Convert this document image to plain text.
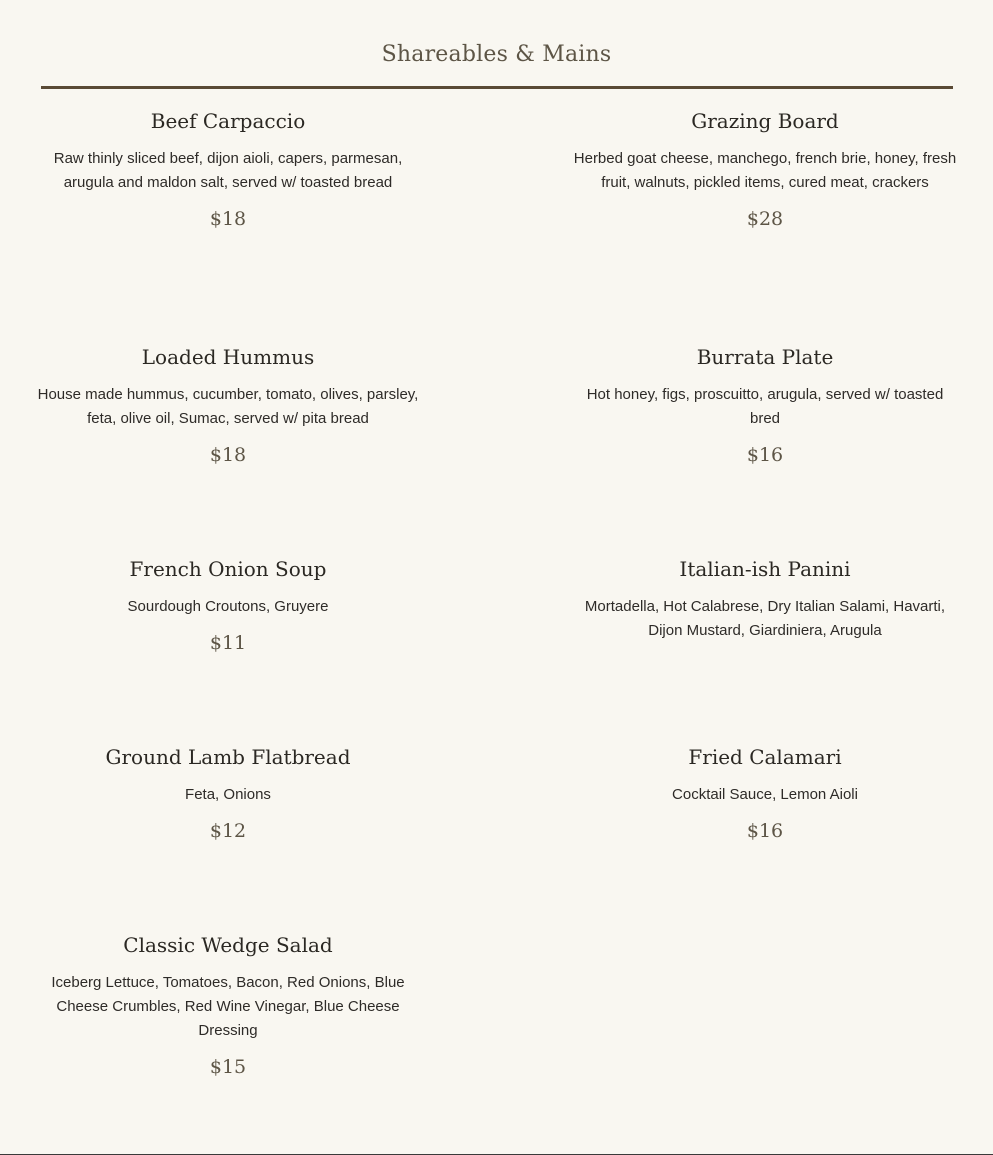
Shareables & Mains
Beef Carpaccio
Raw thinly sliced beef, dijon aioli, capers, parmesan, arugula and maldon salt, served w/ toasted bread
$18
Grazing Board
Herbed goat cheese, manchego, french brie, honey, fresh fruit, walnuts, pickled items, cured meat, crackers
$28
Loaded Hummus
House made hummus, cucumber, tomato, olives, parsley, feta, olive oil, Sumac, served w/ pita bread
$18
Burrata Plate
Hot honey, figs, proscuitto, arugula, served w/ toasted bred
$16
French Onion Soup
Sourdough Croutons, Gruyere
$11
Italian-ish Panini
Mortadella, Hot Calabrese, Dry Italian Salami, Havarti, Dijon Mustard, Giardiniera, Arugula
Ground Lamb Flatbread
Feta, Onions
$12
Fried Calamari
Cocktail Sauce, Lemon Aioli
$16
Classic Wedge Salad
Iceberg Lettuce, Tomatoes, Bacon, Red Onions, Blue Cheese Crumbles, Red Wine Vinegar, Blue Cheese Dressing
$15
